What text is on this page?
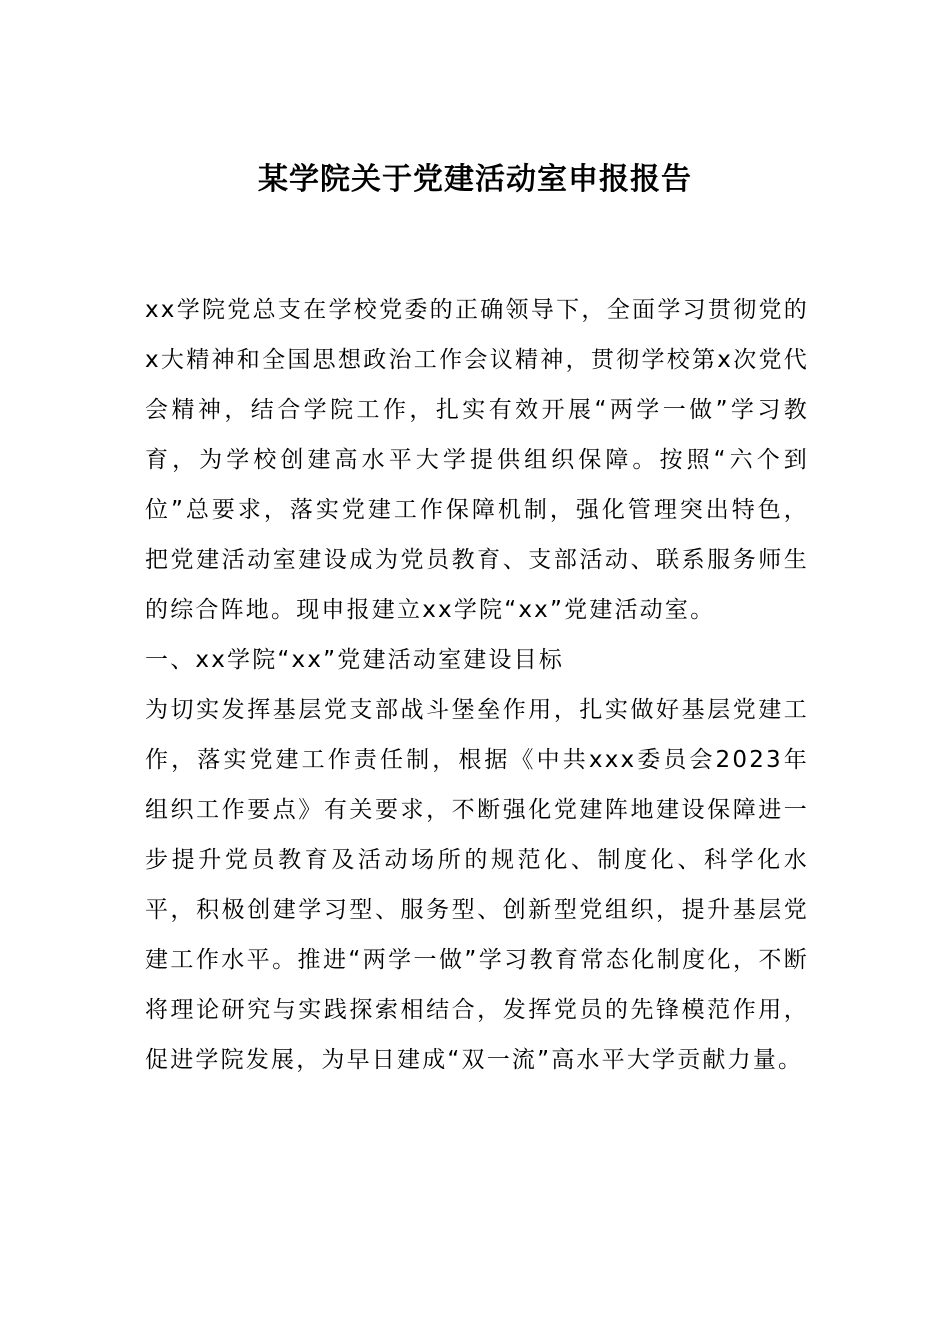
某学院关于党建活动室申报报告

xx学院党总支在学校党委的正确领导下，全面学习贯彻党的x大精神和全国思想政治工作会议精神，贯彻学校第x次党代会精神，结合学院工作，扎实有效开展“两学一做”学习教育，为学校创建高水平大学提供组织保障。按照“六个到位”总要求，落实党建工作保障机制，强化管理突出特色，把党建活动室建设成为党员教育、支部活动、联系服务师生的综合阵地。现申报建立xx学院“xx”党建活动室。

一、xx学院“xx”党建活动室建设目标

为切实发挥基层党支部战斗堡垒作用，扎实做好基层党建工作，落实党建工作责任制，根据《中共xxx委员会2023年组织工作要点》有关要求，不断强化党建阵地建设保障进一步提升党员教育及活动场所的规范化、制度化、科学化水平，积极创建学习型、服务型、创新型党组织，提升基层党建工作水平。推进“两学一做”学习教育常态化制度化，不断将理论研究与实践探索相结合，发挥党员的先锋模范作用，促进学院发展，为早日建成“双一流”高水平大学贡献力量。
